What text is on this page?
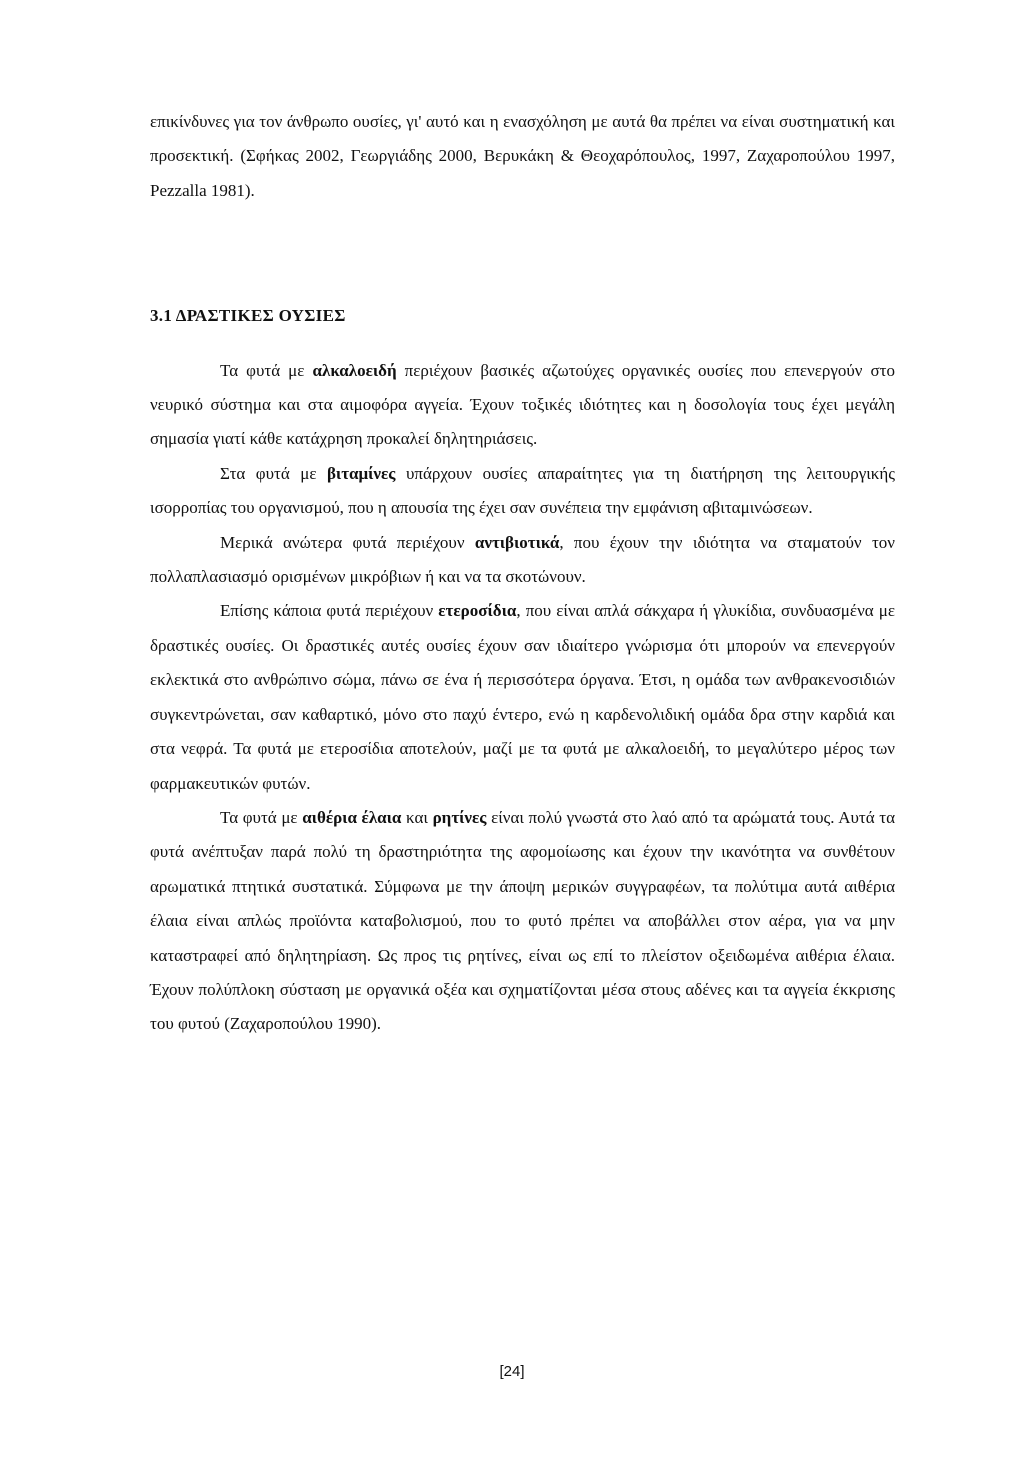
επικίνδυνες για τον άνθρωπο ουσίες, γι' αυτό και η ενασχόληση με αυτά θα πρέπει να είναι συστηματική και προσεκτική. (Σφήκας 2002, Γεωργιάδης 2000, Βερυκάκη & Θεοχαρόπουλος, 1997, Ζαχαροπούλου 1997, Pezzalla 1981).

3.1 ΔΡΑΣΤΙΚΕΣ ΟΥΣΙΕΣ

Τα φυτά με αλκαλοειδή περιέχουν βασικές αζωτούχες οργανικές ουσίες που επενεργούν στο νευρικό σύστημα και στα αιμοφόρα αγγεία. Έχουν τοξικές ιδιότητες και η δοσολογία τους έχει μεγάλη σημασία γιατί κάθε κατάχρηση προκαλεί δηλητηριάσεις.

Στα φυτά με βιταμίνες υπάρχουν ουσίες απαραίτητες για τη διατήρηση της λειτουργικής ισορροπίας του οργανισμού, που η απουσία της έχει σαν συνέπεια την εμφάνιση αβιταμινώσεων.

Μερικά ανώτερα φυτά περιέχουν αντιβιοτικά, που έχουν την ιδιότητα να σταματούν τον πολλαπλασιασμό ορισμένων μικρόβιων ή και να τα σκοτώνουν.

Επίσης κάποια φυτά περιέχουν ετεροσίδια, που είναι απλά σάκχαρα ή γλυκίδια, συνδυασμένα με δραστικές ουσίες. Οι δραστικές αυτές ουσίες έχουν σαν ιδιαίτερο γνώρισμα ότι μπορούν να επενεργούν εκλεκτικά στο ανθρώπινο σώμα, πάνω σε ένα ή περισσότερα όργανα. Έτσι, η ομάδα των ανθρακενοσιδιών συγκεντρώνεται, σαν καθαρτικό, μόνο στο παχύ έντερο, ενώ η καρδενολιδική ομάδα δρα στην καρδιά και στα νεφρά. Τα φυτά με ετεροσίδια αποτελούν, μαζί με τα φυτά με αλκαλοειδή, το μεγαλύτερο μέρος των φαρμακευτικών φυτών.

Τα φυτά με αιθέρια έλαια και ρητίνες είναι πολύ γνωστά στο λαό από τα αρώματά τους. Αυτά τα φυτά ανέπτυξαν παρά πολύ τη δραστηριότητα της αφομοίωσης και έχουν την ικανότητα να συνθέτουν αρωματικά πτητικά συστατικά. Σύμφωνα με την άποψη μερικών συγγραφέων, τα πολύτιμα αυτά αιθέρια έλαια είναι απλώς προϊόντα καταβολισμού, που το φυτό πρέπει να αποβάλλει στον αέρα, για να μην καταστραφεί από δηλητηρίαση. Ως προς τις ρητίνες, είναι ως επί το πλείστον οξειδωμένα αιθέρια έλαια. Έχουν πολύπλοκη σύσταση με οργανικά οξέα και σχηματίζονται μέσα στους αδένες και τα αγγεία έκκρισης του φυτού (Ζαχαροπούλου 1990).

[24]
